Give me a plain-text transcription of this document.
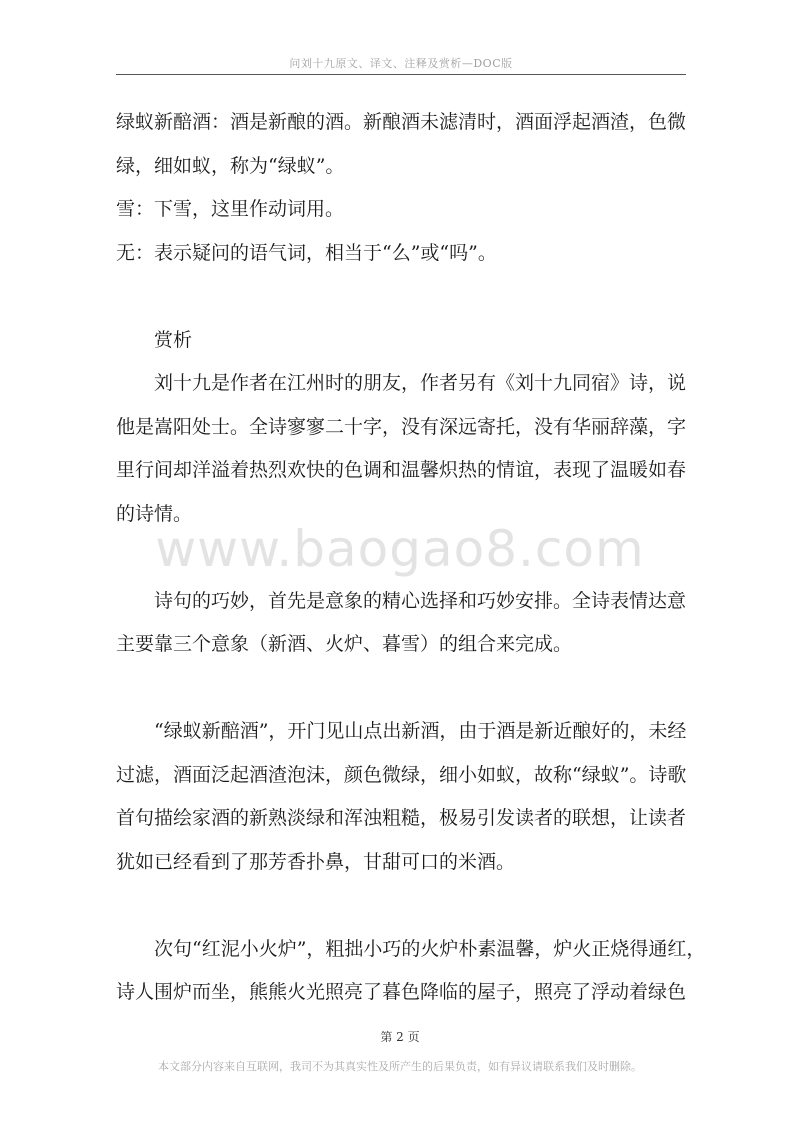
问刘十九原文、译文、注释及赏析—DOC版
www.baogao8.com
绿蚁新醅酒：酒是新酿的酒。新酿酒未滤清时，酒面浮起酒渣，色微
绿，细如蚁，称为“绿蚁”。
雪：下雪，这里作动词用。
无：表示疑问的语气词，相当于“么”或“吗”。
赏析
刘十九是作者在江州时的朋友，作者另有《刘十九同宿》诗，说
他是嵩阳处士。全诗寥寥二十字，没有深远寄托，没有华丽辞藻，字
里行间却洋溢着热烈欢快的色调和温馨炽热的情谊，表现了温暖如春
的诗情。
诗句的巧妙，首先是意象的精心选择和巧妙安排。全诗表情达意
主要靠三个意象（新酒、火炉、暮雪）的组合来完成。
“绿蚁新醅酒”，开门见山点出新酒，由于酒是新近酿好的，未经
过滤，酒面泛起酒渣泡沫，颜色微绿，细小如蚁，故称“绿蚁”。诗歌
首句描绘家酒的新熟淡绿和浑浊粗糙，极易引发读者的联想，让读者
犹如已经看到了那芳香扑鼻，甘甜可口的米酒。
次句“红泥小火炉”，粗拙小巧的火炉朴素温馨，炉火正烧得通红，
诗人围炉而坐，熊熊火光照亮了暮色降临的屋子，照亮了浮动着绿色
第 2 页
本文部分内容来自互联网，我司不为其真实性及所产生的后果负责，如有异议请联系我们及时删除。
